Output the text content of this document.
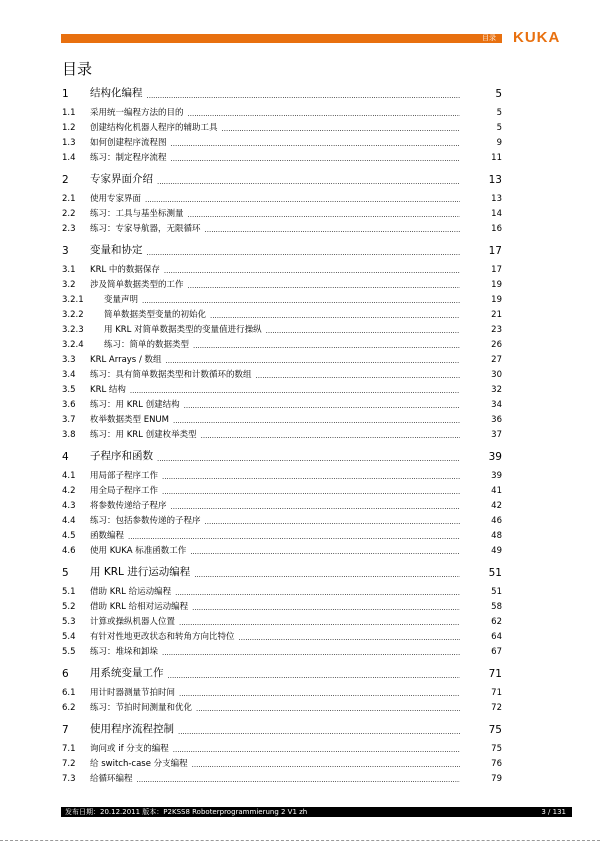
目录 KUKA
目录
1	结构化编程 .....	5
1.1	采用统一编程方法的目的 .....	5
1.2	创建结构化机器人程序的辅助工具 .....	5
1.3	如何创建程序流程图 .....	9
1.4	练习：制定程序流程 .....	11
2	专家界面介绍 .....	13
2.1	使用专家界面 .....	13
2.2	练习：工具与基坐标测量 .....	14
2.3	练习：专家导航器，无限循环 .....	16
3	变量和协定 .....	17
3.1	KRL 中的数据保存 .....	17
3.2	涉及简单数据类型的工作 .....	19
3.2.1	变量声明 .....	19
3.2.2	简单数据类型变量的初始化 .....	21
3.2.3	用 KRL 对简单数据类型的变量值进行操纵 .....	23
3.2.4	练习：简单的数据类型 .....	26
3.3	KRL Arrays / 数组 .....	27
3.4	练习：具有简单数据类型和计数循环的数组 .....	30
3.5	KRL 结构 .....	32
3.6	练习：用 KRL 创建结构 .....	34
3.7	枚举数据类型 ENUM .....	36
3.8	练习：用 KRL 创建枚举类型 .....	37
4	子程序和函数 .....	39
4.1	用局部子程序工作 .....	39
4.2	用全局子程序工作 .....	41
4.3	将参数传递给子程序 .....	42
4.4	练习：包括参数传递的子程序 .....	46
4.5	函数编程 .....	48
4.6	使用 KUKA 标准函数工作 .....	49
5	用 KRL 进行运动编程 .....	51
5.1	借助 KRL 给运动编程 .....	51
5.2	借助 KRL 给相对运动编程 .....	58
5.3	计算或操纵机器人位置 .....	62
5.4	有针对性地更改状态和转角方向比特位 .....	64
5.5	练习：堆垛和卸垛 .....	67
6	用系统变量工作 .....	71
6.1	用计时器测量节拍时间 .....	71
6.2	练习：节拍时间测量和优化 .....	72
7	使用程序流程控制 .....	75
7.1	询问或 if 分支的编程 .....	75
7.2	给 switch-case 分支编程 .....	76
7.3	给循环编程 .....	79
发布日期：20.12.2011 版本：P2KSS8 Roboterprogrammierung 2 V1 zh	3 / 131
